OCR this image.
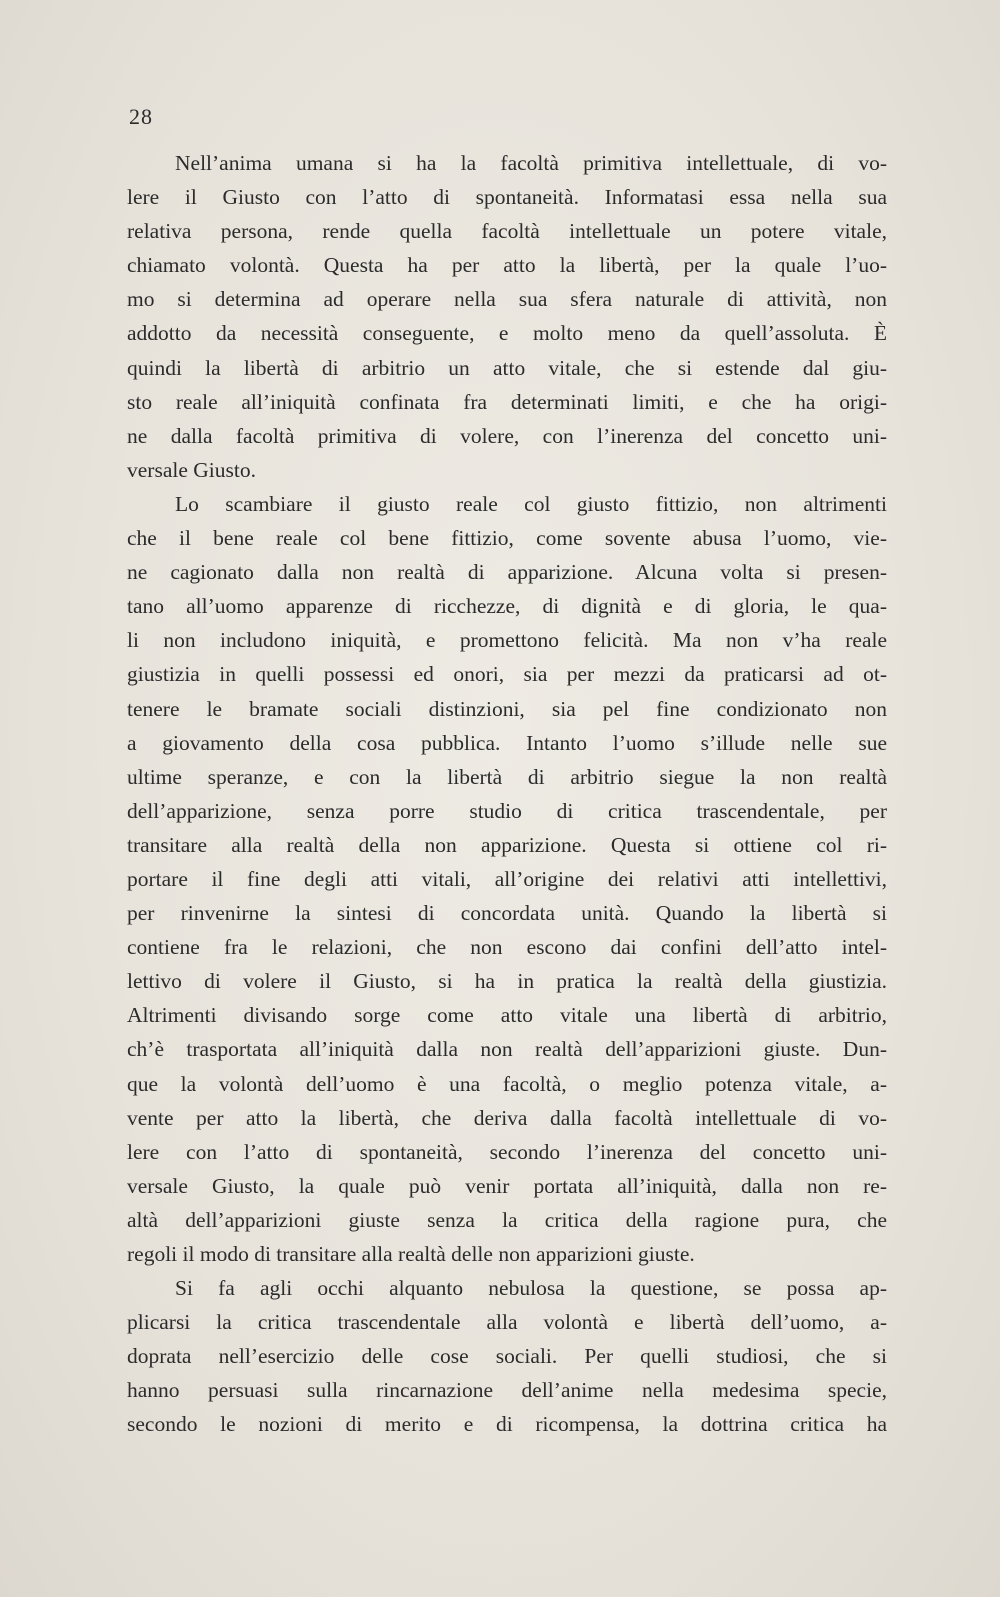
28
Nell’anima umana si ha la facoltà primitiva intellettuale, di vo-
lere il Giusto con l’atto di spontaneità. Informatasi essa nella sua
relativa persona, rende quella facoltà intellettuale un potere vitale,
chiamato volontà. Questa ha per atto la libertà, per la quale l’uo-
mo si determina ad operare nella sua sfera naturale di attività, non
addotto da necessità conseguente, e molto meno da quell’assoluta. È
quindi la libertà di arbitrio un atto vitale, che si estende dal giu-
sto reale all’iniquità confinata fra determinati limiti, e che ha origi-
ne dalla facoltà primitiva di volere, con l’inerenza del concetto uni-
versale Giusto.
Lo scambiare il giusto reale col giusto fittizio, non altrimenti
che il bene reale col bene fittizio, come sovente abusa l’uomo, vie-
ne cagionato dalla non realtà di apparizione. Alcuna volta si presen-
tano all’uomo apparenze di ricchezze, di dignità e di gloria, le qua-
li non includono iniquità, e promettono felicità. Ma non v’ha reale
giustizia in quelli possessi ed onori, sia per mezzi da praticarsi ad ot-
tenere le bramate sociali distinzioni, sia pel fine condizionato non
a giovamento della cosa pubblica. Intanto l’uomo s’illude nelle sue
ultime speranze, e con la libertà di arbitrio siegue la non realtà
dell’apparizione, senza porre studio di critica trascendentale, per
transitare alla realtà della non apparizione. Questa si ottiene col ri-
portare il fine degli atti vitali, all’origine dei relativi atti intellettivi,
per rinvenirne la sintesi di concordata unità. Quando la libertà si
contiene fra le relazioni, che non escono dai confini dell’atto intel-
lettivo di volere il Giusto, si ha in pratica la realtà della giustizia.
Altrimenti divisando sorge come atto vitale una libertà di arbitrio,
ch’è trasportata all’iniquità dalla non realtà dell’apparizioni giuste. Dun-
que la volontà dell’uomo è una facoltà, o meglio potenza vitale, a-
vente per atto la libertà, che deriva dalla facoltà intellettuale di vo-
lere con l’atto di spontaneità, secondo l’inerenza del concetto uni-
versale Giusto, la quale può venir portata all’iniquità, dalla non re-
altà dell’apparizioni giuste senza la critica della ragione pura, che
regoli il modo di transitare alla realtà delle non apparizioni giuste.
Si fa agli occhi alquanto nebulosa la questione, se possa ap-
plicarsi la critica trascendentale alla volontà e libertà dell’uomo, a-
doprata nell’esercizio delle cose sociali. Per quelli studiosi, che si
hanno persuasi sulla rincarnazione dell’anime nella medesima specie,
secondo le nozioni di merito e di ricompensa, la dottrina critica ha
